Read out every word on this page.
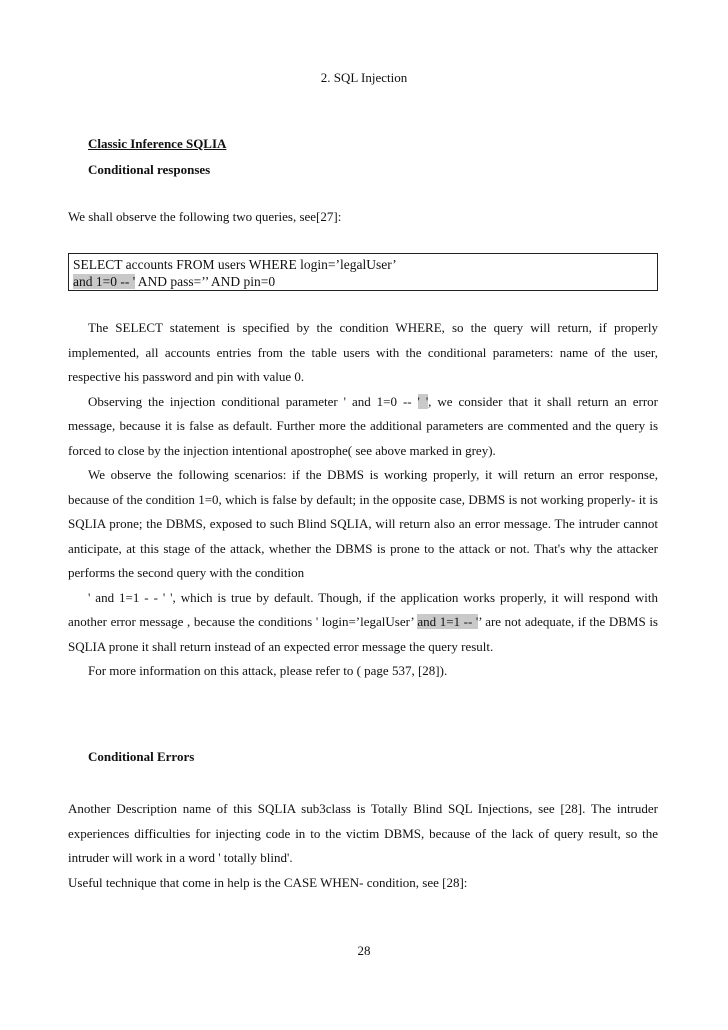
2. SQL Injection
Classic Inference SQLIA
Conditional responses
We shall observe the following two queries, see[27]:
SELECT accounts FROM users WHERE login=’legalUser’
and 1=0 -- ' AND pass=’’ AND pin=0
The SELECT statement is specified by the condition WHERE, so the query will return, if properly implemented, all accounts entries from the table users with the conditional parameters: name of the user, respective his password and pin with value 0.
Observing the injection conditional parameter ' and 1=0 -- ' ', we consider that it shall return an error message, because it is false as default. Further more the additional parameters are commented and the query is forced to close by the injection intentional apostrophe( see above marked in grey).
We observe the following scenarios: if the DBMS is working properly, it will return an error response, because of the condition 1=0, which is false by default; in the opposite case, DBMS is not working properly- it is SQLIA prone; the DBMS, exposed to such Blind SQLIA, will return also an error message. The intruder cannot anticipate, at this stage of the attack, whether the DBMS is prone to the attack or not. That's why the attacker performs the second query with the condition
' and 1=1 - - ' ', which is true by default. Though, if the application works properly, it will respond with another error message , because the conditions ' login=’legalUser’ and 1=1 -- '’ are not adequate, if the DBMS is SQLIA prone it shall return instead of an expected error message the query result.
For more information on this attack, please refer to ( page 537, [28]).
Conditional Errors
Another Description name of this SQLIA sub3class is Totally Blind SQL Injections, see [28]. The intruder experiences difficulties for injecting code in to the victim DBMS, because of the lack of query result, so the intruder will work in a word ' totally blind'.
Useful technique that come in help is the CASE WHEN- condition, see [28]:
28
